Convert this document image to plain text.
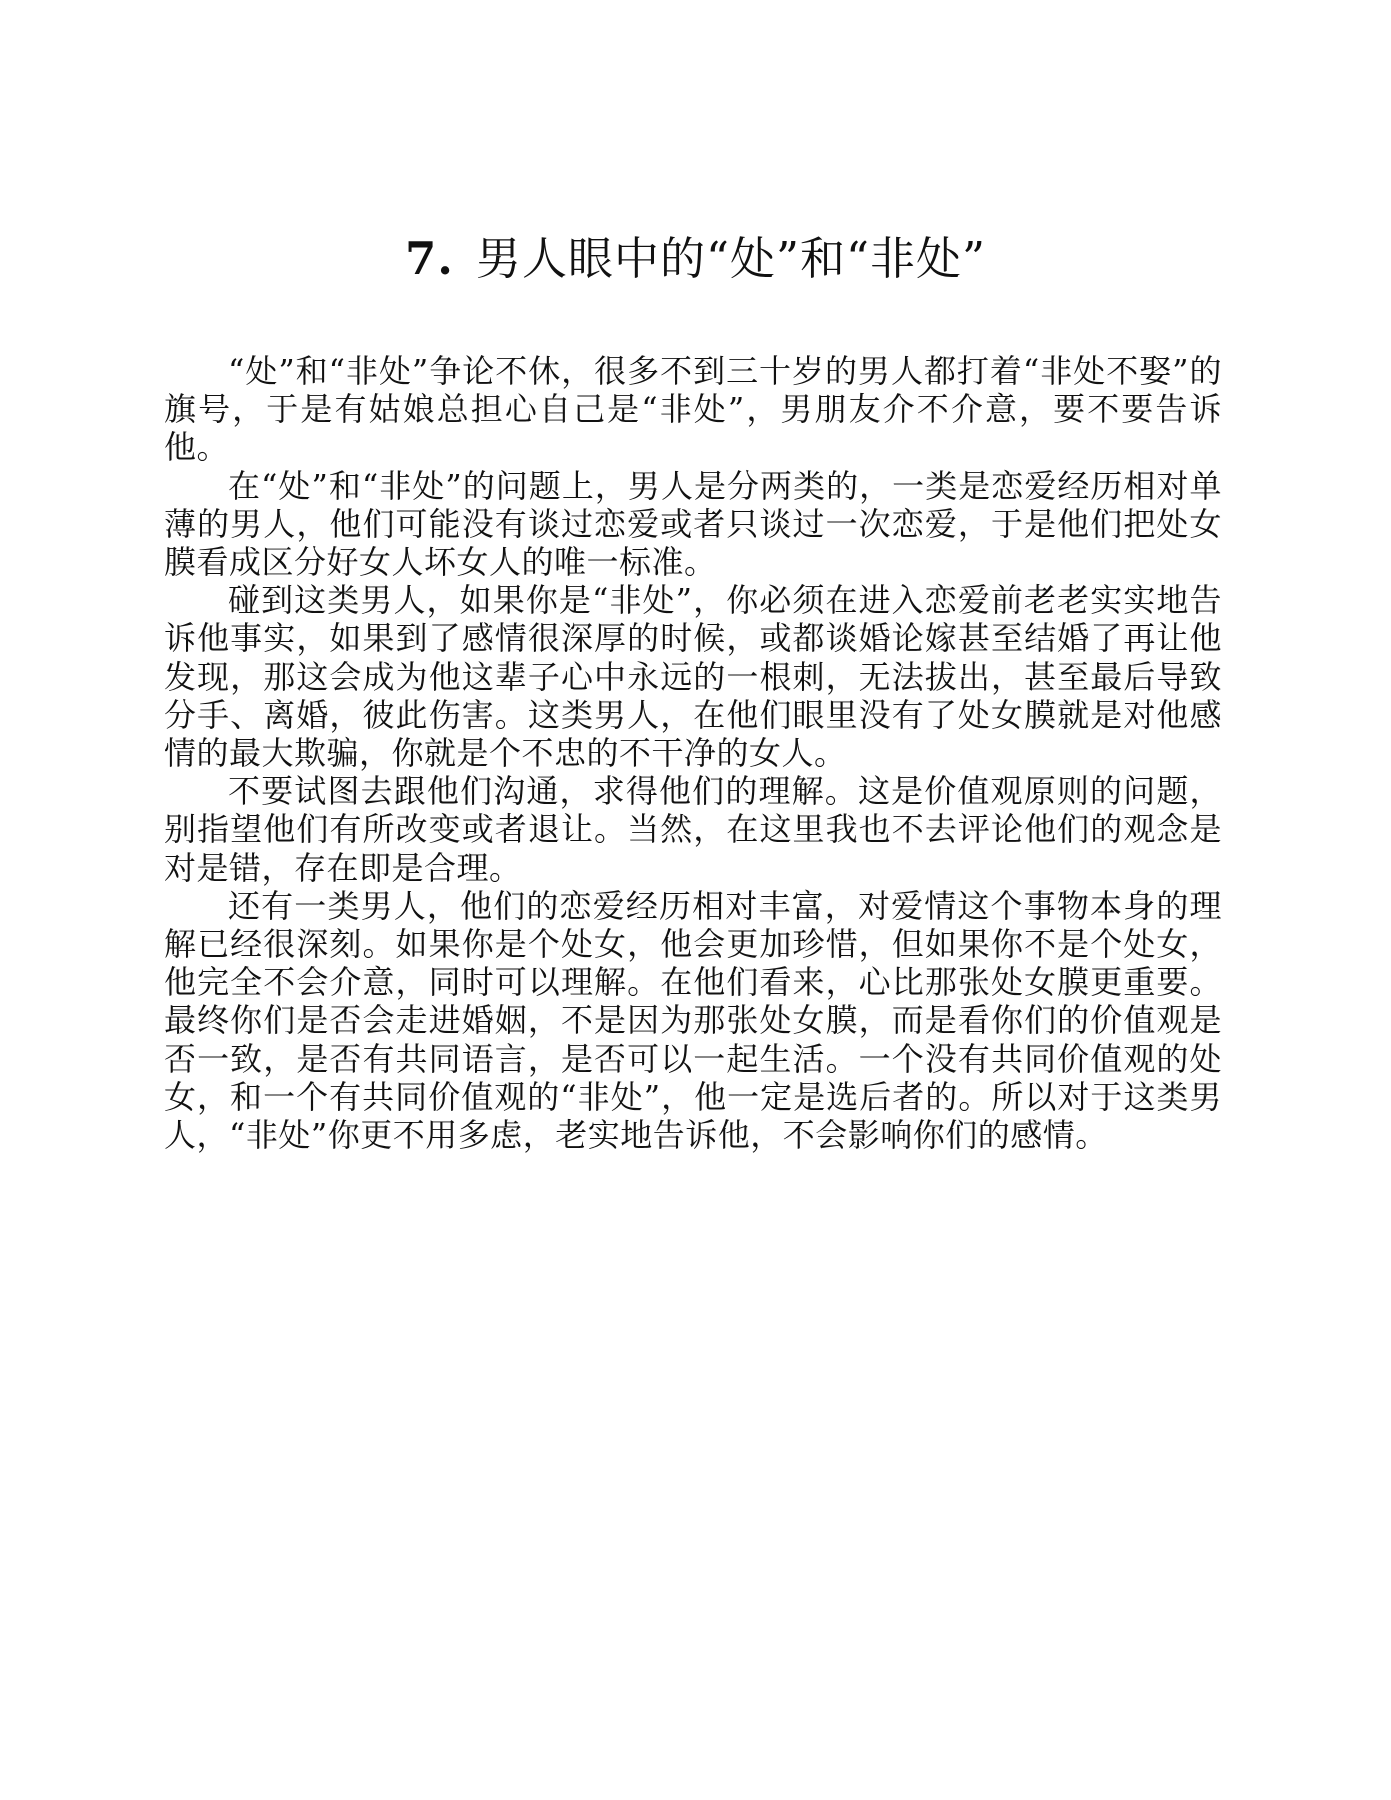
7. 男人眼中的“处”和“非处”

“处”和“非处”争论不休，很多不到三十岁的男人都打着“非处不娶”的旗号，于是有姑娘总担心自己是“非处”，男朋友介不介意，要不要告诉他。

在“处”和“非处”的问题上，男人是分两类的，一类是恋爱经历相对单薄的男人，他们可能没有谈过恋爱或者只谈过一次恋爱，于是他们把处女膜看成区分好女人坏女人的唯一标准。

碰到这类男人，如果你是“非处”，你必须在进入恋爱前老老实实地告诉他事实，如果到了感情很深厚的时候，或都谈婚论嫁甚至结婚了再让他发现，那这会成为他这辈子心中永远的一根刺，无法拔出，甚至最后导致分手、离婚，彼此伤害。这类男人，在他们眼里没有了处女膜就是对他感情的最大欺骗，你就是个不忠的不干净的女人。

不要试图去跟他们沟通，求得他们的理解。这是价值观原则的问题，别指望他们有所改变或者退让。当然，在这里我也不去评论他们的观念是对是错，存在即是合理。

还有一类男人，他们的恋爱经历相对丰富，对爱情这个事物本身的理解已经很深刻。如果你是个处女，他会更加珍惜，但如果你不是个处女，他完全不会介意，同时可以理解。在他们看来，心比那张处女膜更重要。最终你们是否会走进婚姻，不是因为那张处女膜，而是看你们的价值观是否一致，是否有共同语言，是否可以一起生活。一个没有共同价值观的处女，和一个有共同价值观的“非处”，他一定是选后者的。所以对于这类男人，“非处”你更不用多虑，老实地告诉他，不会影响你们的感情。
